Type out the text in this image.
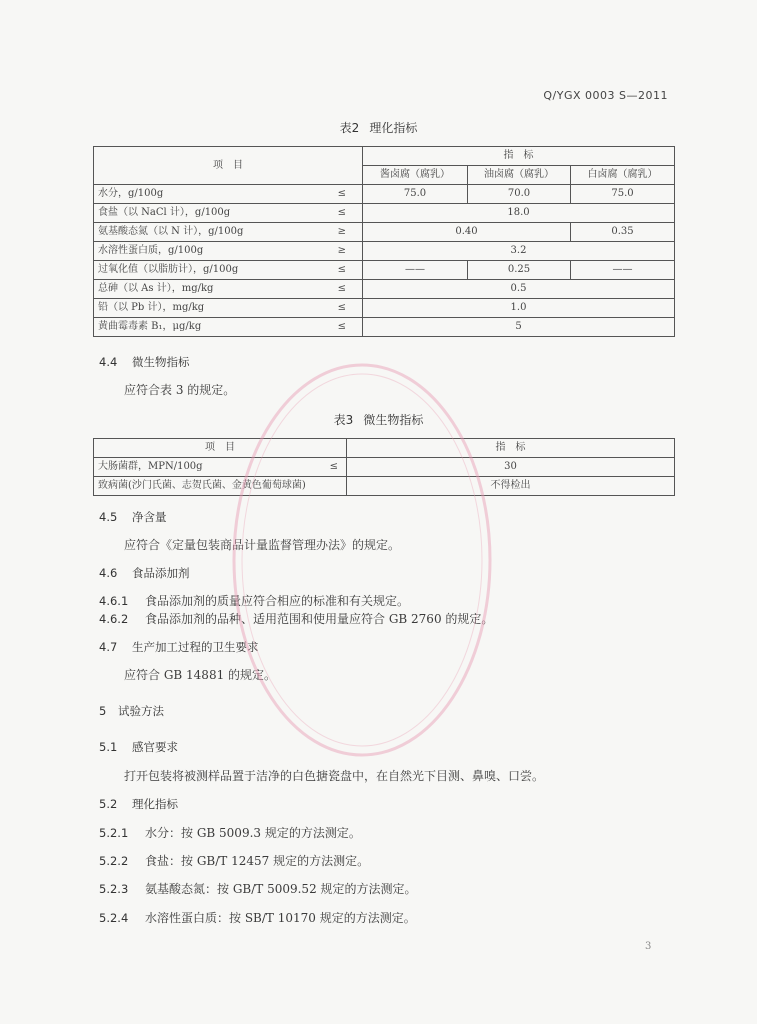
Q/YGX 0003 S—2011
表2 理化指标
项　目	指　标		
	酱卤腐（腐乳）	油卤腐（腐乳）	白卤腐（腐乳）
水分，g/100g ≤	75.0	70.0	75.0
食盐（以 NaCl 计），g/100g ≤	18.0		
氨基酸态氮（以 N 计），g/100g ≥	0.40		0.35
水溶性蛋白质，g/100g ≥	3.2		
过氧化值（以脂肪计），g/100g ≤	——	0.25	——
总砷（以 As 计），mg/kg ≤	0.5		
铅（以 Pb 计），mg/kg ≤	1.0		
黄曲霉毒素 B₁，μg/kg ≤	5		
4.4 微生物指标
应符合表 3 的规定。
表3 微生物指标
项　目	指　标
大肠菌群，MPN/100g ≤	30
致病菌(沙门氏菌、志贺氏菌、金黄色葡萄球菌)	不得检出
4.5 净含量
应符合《定量包装商品计量监督管理办法》的规定。
4.6 食品添加剂
4.6.1 食品添加剂的质量应符合相应的标准和有关规定。
4.6.2 食品添加剂的品种、适用范围和使用量应符合 GB 2760 的规定。
4.7 生产加工过程的卫生要求
应符合 GB 14881 的规定。
5 试验方法
5.1 感官要求
打开包装将被测样品置于洁净的白色搪瓷盘中，在自然光下目测、鼻嗅、口尝。
5.2 理化指标
5.2.1 水分：按 GB 5009.3 规定的方法测定。
5.2.2 食盐：按 GB/T 12457 规定的方法测定。
5.2.3 氨基酸态氮：按 GB/T 5009.52 规定的方法测定。
5.2.4 水溶性蛋白质：按 SB/T 10170 规定的方法测定。
3
